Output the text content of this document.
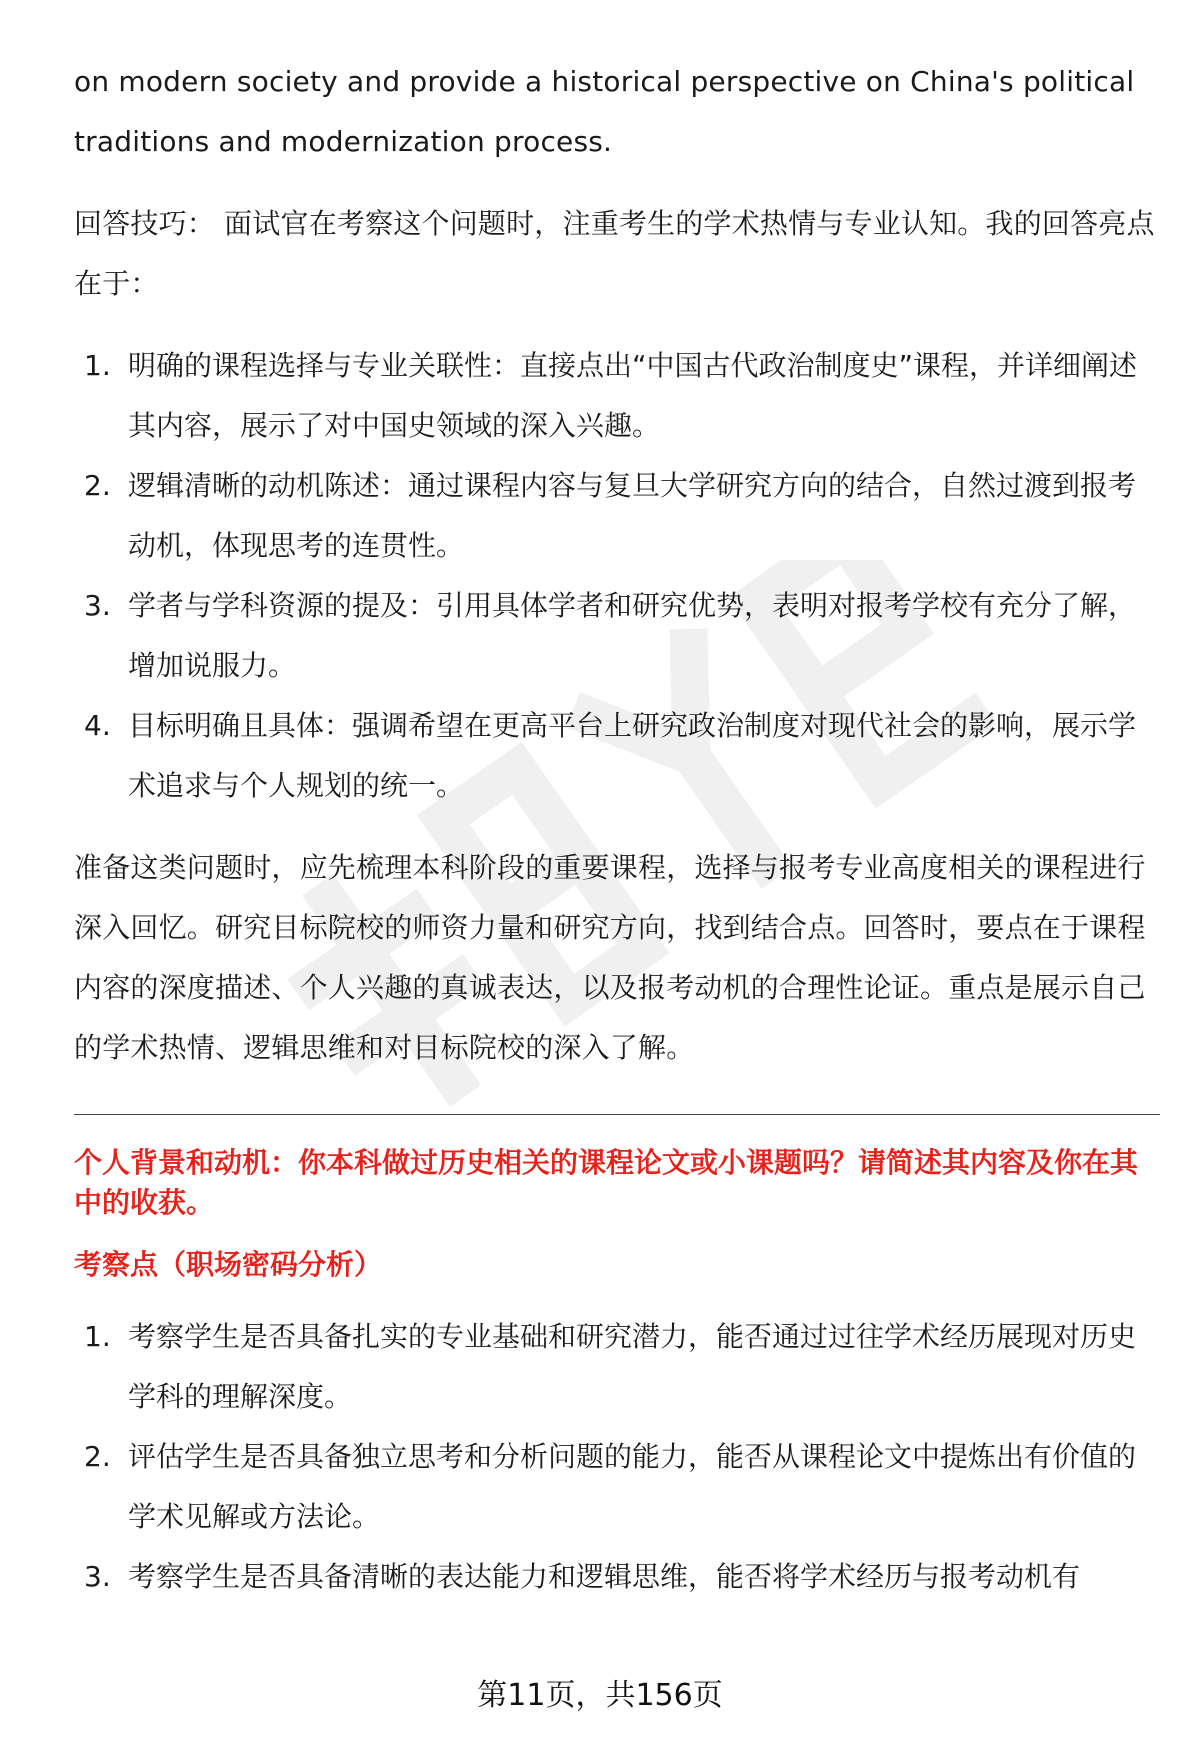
on modern society and provide a historical perspective on China's political traditions and modernization process.

回答技巧： 面试官在考察这个问题时，注重考生的学术热情与专业认知。我的回答亮点在于：

1. 明确的课程选择与专业关联性：直接点出“中国古代政治制度史”课程，并详细阐述其内容，展示了对中国史领域的深入兴趣。
2. 逻辑清晰的动机陈述：通过课程内容与复旦大学研究方向的结合，自然过渡到报考动机，体现思考的连贯性。
3. 学者与学科资源的提及：引用具体学者和研究优势，表明对报考学校有充分了解，增加说服力。
4. 目标明确且具体：强调希望在更高平台上研究政治制度对现代社会的影响，展示学术追求与个人规划的统一。

准备这类问题时，应先梳理本科阶段的重要课程，选择与报考专业高度相关的课程进行深入回忆。研究目标院校的师资力量和研究方向，找到结合点。回答时，要点在于课程内容的深度描述、个人兴趣的真诚表达，以及报考动机的合理性论证。重点是展示自己的学术热情、逻辑思维和对目标院校的深入了解。

个人背景和动机：你本科做过历史相关的课程论文或小课题吗？请简述其内容及你在其中的收获。
考察点（职场密码分析）
1. 考察学生是否具备扎实的专业基础和研究潜力，能否通过过往学术经历展现对历史学科的理解深度。
2. 评估学生是否具备独立思考和分析问题的能力，能否从课程论文中提炼出有价值的学术见解或方法论。
3. 考察学生是否具备清晰的表达能力和逻辑思维，能否将学术经历与报考动机有
第11页，共156页
